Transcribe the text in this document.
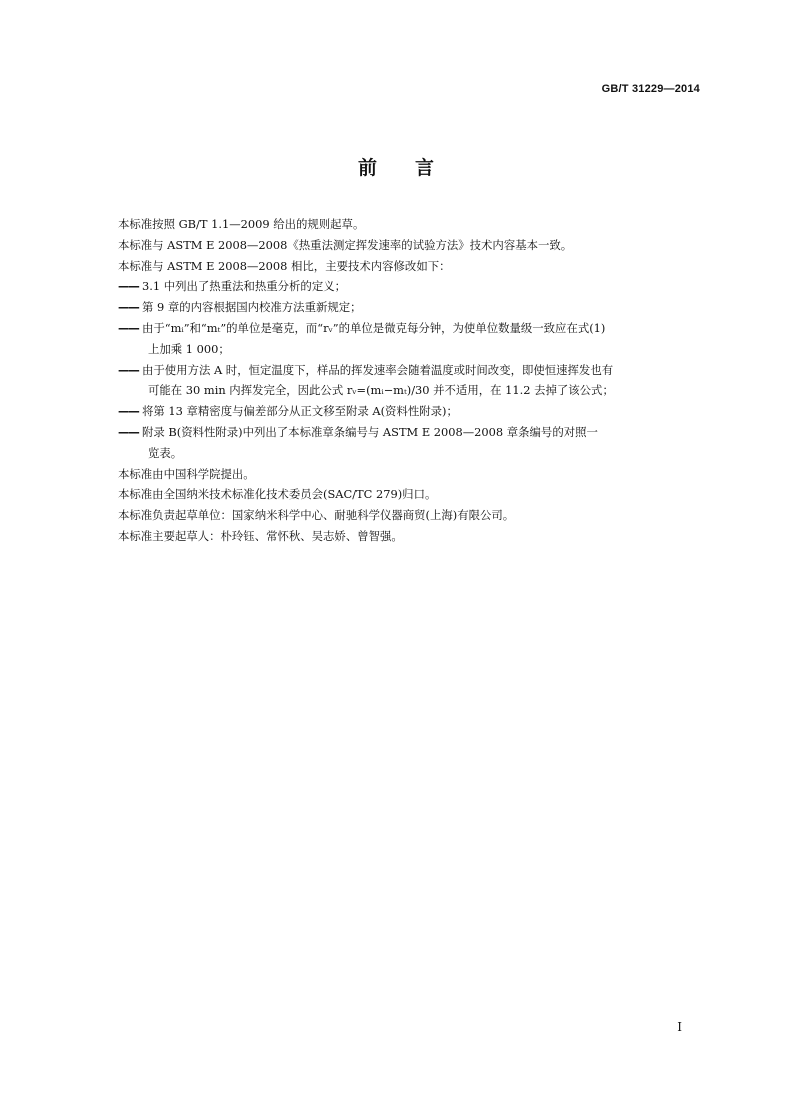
GB/T 31229—2014
前言

本标准按照 GB/T 1.1—2009 给出的规则起草。

本标准与 ASTM E 2008—2008《热重法测定挥发速率的试验方法》技术内容基本一致。

本标准与 ASTM E 2008—2008 相比，主要技术内容修改如下：

—— 3.1 中列出了热重法和热重分析的定义；

—— 第 9 章的内容根据国内校准方法重新规定；

—— 由于“mᵢ”和“mₜ”的单位是毫克，而“rᵥ”的单位是微克每分钟，为使单位数量级一致应在式(1)

上加乘 1 000；

—— 由于使用方法 A 时，恒定温度下，样品的挥发速率会随着温度或时间改变，即使恒速挥发也有

可能在 30 min 内挥发完全，因此公式 rᵥ=(mᵢ−mₜ)/30 并不适用，在 11.2 去掉了该公式；

—— 将第 13 章精密度与偏差部分从正文移至附录 A(资料性附录)；

—— 附录 B(资料性附录)中列出了本标准章条编号与 ASTM E 2008—2008 章条编号的对照一

览表。

本标准由中国科学院提出。

本标准由全国纳米技术标准化技术委员会(SAC/TC 279)归口。

本标准负责起草单位：国家纳米科学中心、耐驰科学仪器商贸(上海)有限公司。

本标准主要起草人：朴玲钰、常怀秋、吴志娇、曾智强。

I
